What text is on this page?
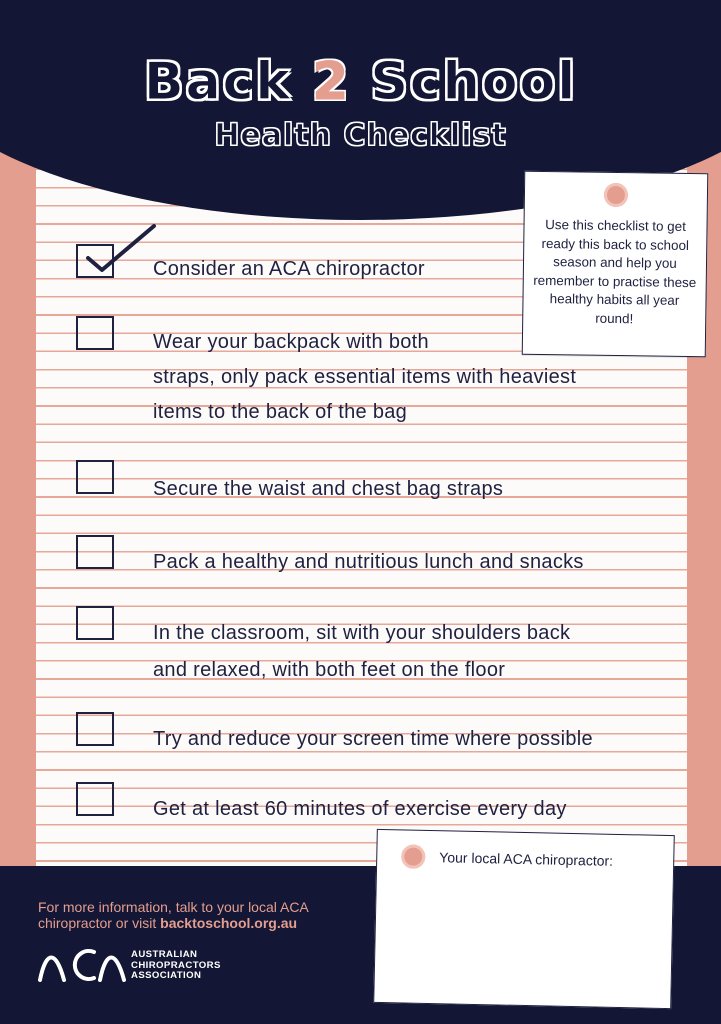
Back 2 School
Health Checklist
Consider an ACA chiropractor
Wear your backpack with both
straps, only pack essential items with heaviest
items to the back of the bag
Secure the waist and chest bag straps
Pack a healthy and nutritious lunch and snacks
In the classroom, sit with your shoulders back
and relaxed, with both feet on the floor
Try and reduce your screen time where possible
Get at least 60 minutes of exercise every day
Use this checklist to get ready this back to school season and help you remember to practise these healthy habits all year round!
For more information, talk to your local ACA chiropractor or visit backtoschool.org.au
AUSTRALIAN
CHIROPRACTORS
ASSOCIATION
Your local ACA chiropractor:
